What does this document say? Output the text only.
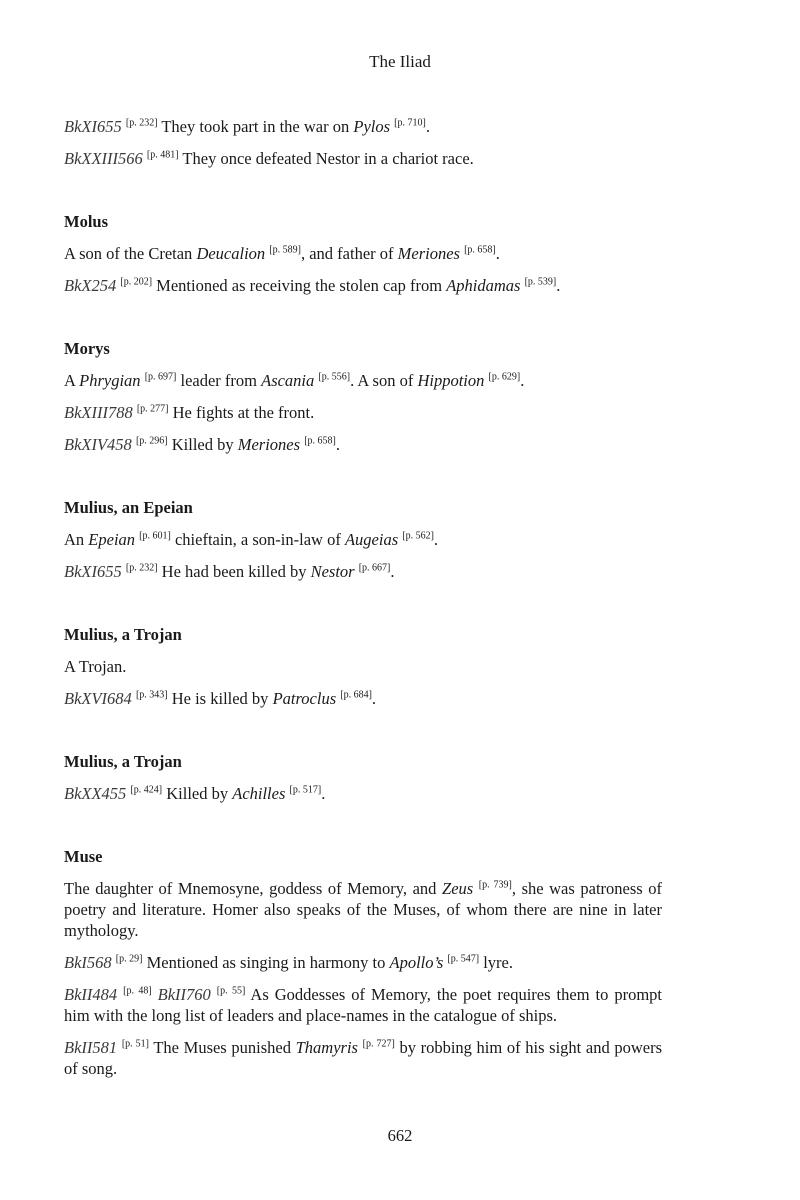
The Iliad

BkXI655 [p. 232] They took part in the war on Pylos [p. 710].

BkXXIII566 [p. 481] They once defeated Nestor in a chariot race.

Molus

A son of the Cretan Deucalion [p. 589], and father of Meriones [p. 658].

BkX254 [p. 202] Mentioned as receiving the stolen cap from Aphidamas [p. 539].

Morys

A Phrygian [p. 697] leader from Ascania [p. 556]. A son of Hippotion [p. 629].

BkXIII788 [p. 277] He fights at the front.

BkXIV458 [p. 296] Killed by Meriones [p. 658].

Mulius, an Epeian

An Epeian [p. 601] chieftain, a son-in-law of Augeias [p. 562].

BkXI655 [p. 232] He had been killed by Nestor [p. 667].

Mulius, a Trojan

A Trojan.

BkXVI684 [p. 343] He is killed by Patroclus [p. 684].

Mulius, a Trojan

BkXX455 [p. 424] Killed by Achilles [p. 517].

Muse

The daughter of Mnemosyne, goddess of Memory, and Zeus [p. 739], she was patroness of poetry and literature. Homer also speaks of the Muses, of whom there are nine in later mythology.

BkI568 [p. 29] Mentioned as singing in harmony to Apollo’s [p. 547] lyre.

BkII484 [p. 48] BkII760 [p. 55] As Goddesses of Memory, the poet requires them to prompt him with the long list of leaders and place-names in the catalogue of ships.

BkII581 [p. 51] The Muses punished Thamyris [p. 727] by robbing him of his sight and powers of song.

662
